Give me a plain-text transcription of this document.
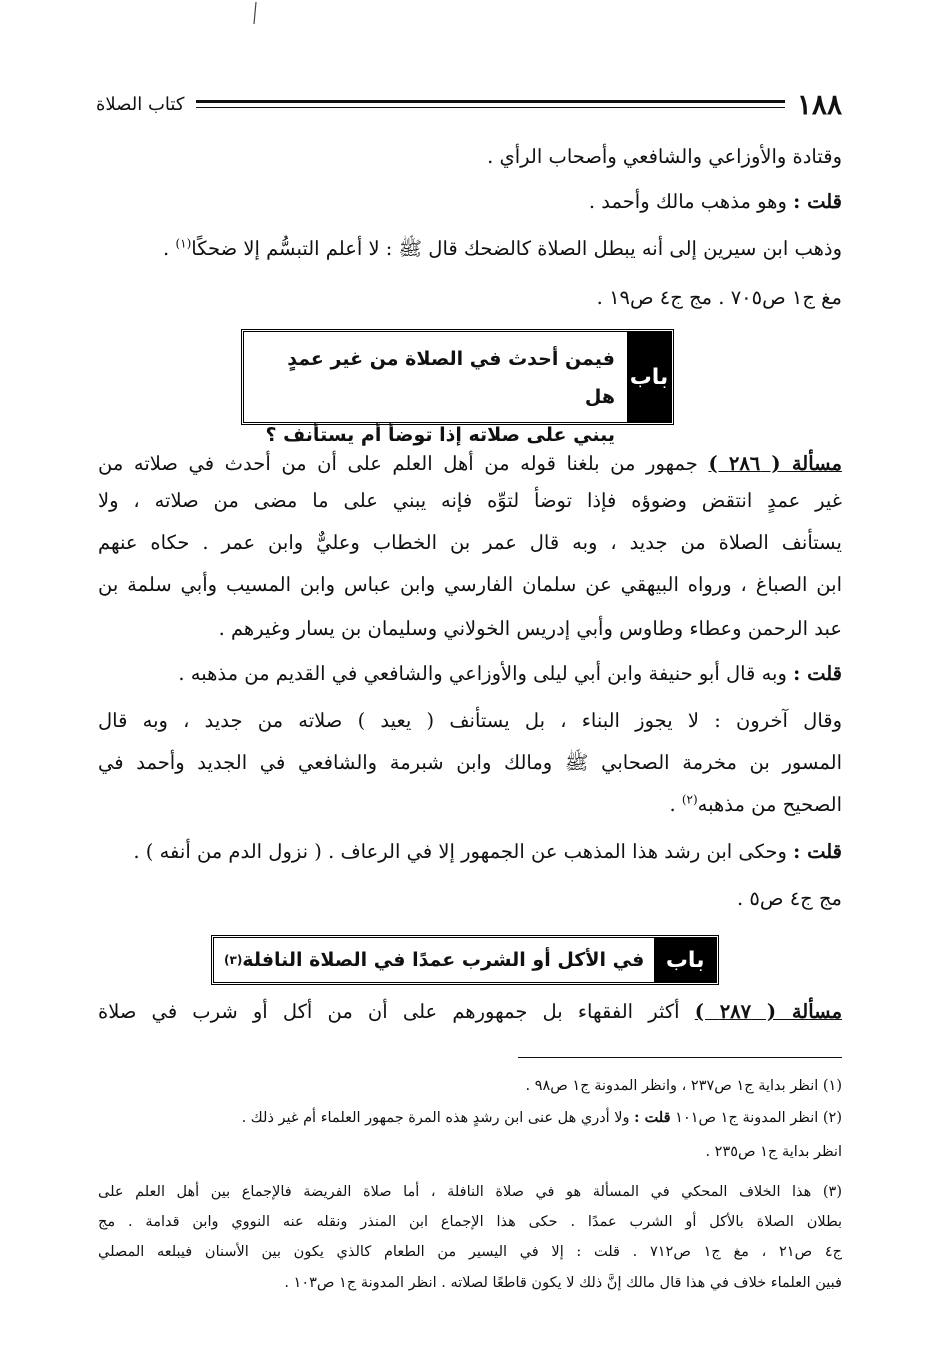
١٨٨
كتاب الصلاة
وقتادة والأوزاعي والشافعي وأصحاب الرأي .
قلت : وهو مذهب مالك وأحمد .
وذهب ابن سيرين إلى أنه يبطل الصلاة كالضحك قال ﷺ : لا أعلم التبسُّم إلا ضحكًا$^{(١)}$ .
مغ ج١ ص٧٠٥ . مج ج٤ ص١٩ .
باب
فيمن أحدث في الصلاة من غير عمدٍ هل
يبني على صلاته إذا توضأ أم يستأنف ؟
مسألة ( ٢٨٦ ) جمهور من بلغنا قوله من أهل العلم على أن من أحدث في صلاته من
غير عمدٍ انتقض وضوؤه فإذا توضأ لتوِّه فإنه يبني على ما مضى من صلاته ، ولا
يستأنف الصلاة من جديد ، وبه قال عمر بن الخطاب وعليٌّ وابن عمر . حكاه عنهم
ابن الصباغ ، ورواه البيهقي عن سلمان الفارسي وابن عباس وابن المسيب وأبي سلمة بن
عبد الرحمن وعطاء وطاوس وأبي إدريس الخولاني وسليمان بن يسار وغيرهم .
قلت : وبه قال أبو حنيفة وابن أبي ليلى والأوزاعي والشافعي في القديم من مذهبه .
وقال آخرون : لا يجوز البناء ، بل يستأنف ( يعيد ) صلاته من جديد ، وبه قال
المسور بن مخرمة الصحابي ﷺ ومالك وابن شبرمة والشافعي في الجديد وأحمد في
الصحيح من مذهبه$^{(٢)}$ .
قلت : وحكى ابن رشد هذا المذهب عن الجمهور إلا في الرعاف . ( نزول الدم من أنفه ) .
مج ج٤ ص٥ .
باب
في الأكل أو الشرب عمدًا في الصلاة النافلة
(٣)
مسألة ( ٢٨٧ ) أكثر الفقهاء بل جمهورهم على أن من أكل أو شرب في صلاة
(١) انظر بداية ج١ ص٢٣٧ ، وانظر المدونة ج١ ص٩٨ .
(٢) انظر المدونة ج١ ص١٠١ قلت : ولا أدري هل عنى ابن رشدٍ هذه المرة جمهور العلماء أم غير ذلك .
انظر بداية ج١ ص٢٣٥ .
(٣) هذا الخلاف المحكي في المسألة هو في صلاة النافلة ، أما صلاة الفريضة فالإجماع بين أهل العلم على
بطلان الصلاة بالأكل أو الشرب عمدًا . حكى هذا الإجماع ابن المنذر ونقله عنه النووي وابن قدامة . مج
ج٤ ص٢١ ، مغ ج١ ص٧١٢ . قلت : إلا في اليسير من الطعام كالذي يكون بين الأسنان فيبلعه المصلي
فبين العلماء خلاف في هذا قال مالك إنَّ ذلك لا يكون قاطعًا لصلاته . انظر المدونة ج١ ص١٠٣ .
